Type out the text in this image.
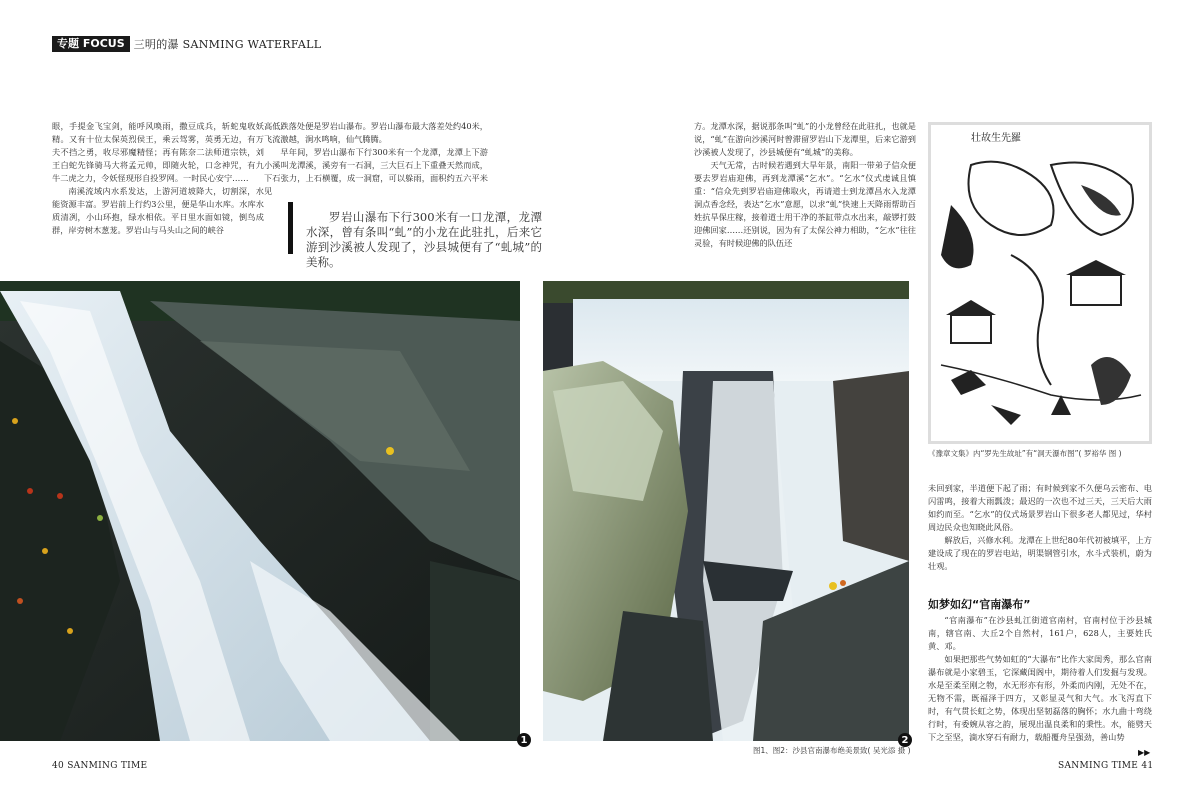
专题 FOCUS 三明的瀑 SANMING WATERFALL

眼，手提金飞宝剑，能呼风唤雨，撒豆成兵，斩蛇鬼收妖精。又有十位太保英烈侯王，乘云驾雾，英勇无边，有万夫不挡之勇，收尽邪魔精怪；再有陈奈二法师道宗铁，刘王白蛇先锋骑马大将孟元帅，即随火轮，口念神咒，有九牛二虎之力，令妖怪现形自投罗网。一时民心安宁……

南溪流域内水系发达，上游河道坡降大，切割深，水能资源丰富。罗岩前上行约3公里，便是华山水库。水库水质清冽，小山环抱，绿水相依。平日里水面如镜，倒鸟成群，岸旁树木葱茏。罗岩山与马头山之间的峡谷

高低跌落处便是罗岩山瀑布。罗岩山瀑布最大落差处约40米，飞流激越，涧水鸣响，仙气腾腾。

早年间，罗岩山瀑布下行300米有一个龙潭，龙潭上下游小溪叫龙潭溪，溪旁有一石洞，三大巨石上下重叠天然而成，下石张力，上石横覆，成一洞窟，可以躲雨，面积约五六平米见

罗岩山瀑布下行300米有一口龙潭，龙潭水深，曾有条叫“虬”的小龙在此驻扎，后来它游到沙溪被人发现了，沙县城便有了“虬城”的美称。

方。龙潭水深，据说那条叫“虬”的小龙曾经在此驻扎，也就是说，“虬”在游向沙溪河时曾滞留罗岩山下龙潭里，后来它游到沙溪被人发现了，沙县城便有“虬城”的美称。

天气无常，古时候若遇到大旱年景，南阳一带弟子信众便要去罗岩庙迎佛，再到龙潭溪“乞水”。“乞水”仪式虔诚且慎重：“信众先到罗岩庙迎佛取火，再请道士到龙潭昌水入龙潭洞点香念经，表达“乞水”意愿，以求“虬”快速上天降雨帮助百姓抗旱保庄稼，接着道士用干净的茶缸带点水出来，敲锣打鼓迎佛回家……还别说，因为有了太保公神力相助，“乞水”往往灵验，有时候迎佛的队伍还

1	2
图1、图2：沙县官南瀑布绝美景致( 吴光添 摄 )
壮故生先羅
《豫章文集》内“罗先生故址”有“洞天瀑布图”( 罗裕华 图 )

未回到家，半道便下起了雨；有时候到家不久便乌云密布、电闪雷鸣，接着大雨瓢泼；最迟的一次也不过三天，三天后大雨如约而至。“乞水”的仪式场景罗岩山下很多老人都见过，华村周边民众也知晓此风俗。

解放后，兴修水利。龙潭在上世纪80年代初被填平，上方建设成了现在的罗岩电站，明渠钢管引水，水斗式装机，蔚为壮观。

如梦如幻“官南瀑布”

“官南瀑布”在沙县虬江街道官南村，官南村位于沙县城南，辖官南、大丘2个自然村，161户，628人，主要姓氏黄、邓。

如果把那些气势如虹的“大瀑布”比作大家闺秀，那么官南瀑布就是小家碧玉，它深藏闺阁中，期待着人们发掘与发现。水是至柔至刚之物，水无形亦有形，外柔而内刚，无处不在，无物不需，既福泽于四方，又彰显灵气和大气。水飞泻直下时，有气贯长虹之势，体现出坚韧磊落的胸怀；水九曲十弯绕行时，有委婉从容之韵，展现出温良柔和的秉性。水，能劈天下之至坚，滴水穿石有耐力，载船覆舟呈强劲，善山势

▶▶
40 SANMING TIME	SANMING TIME 41
